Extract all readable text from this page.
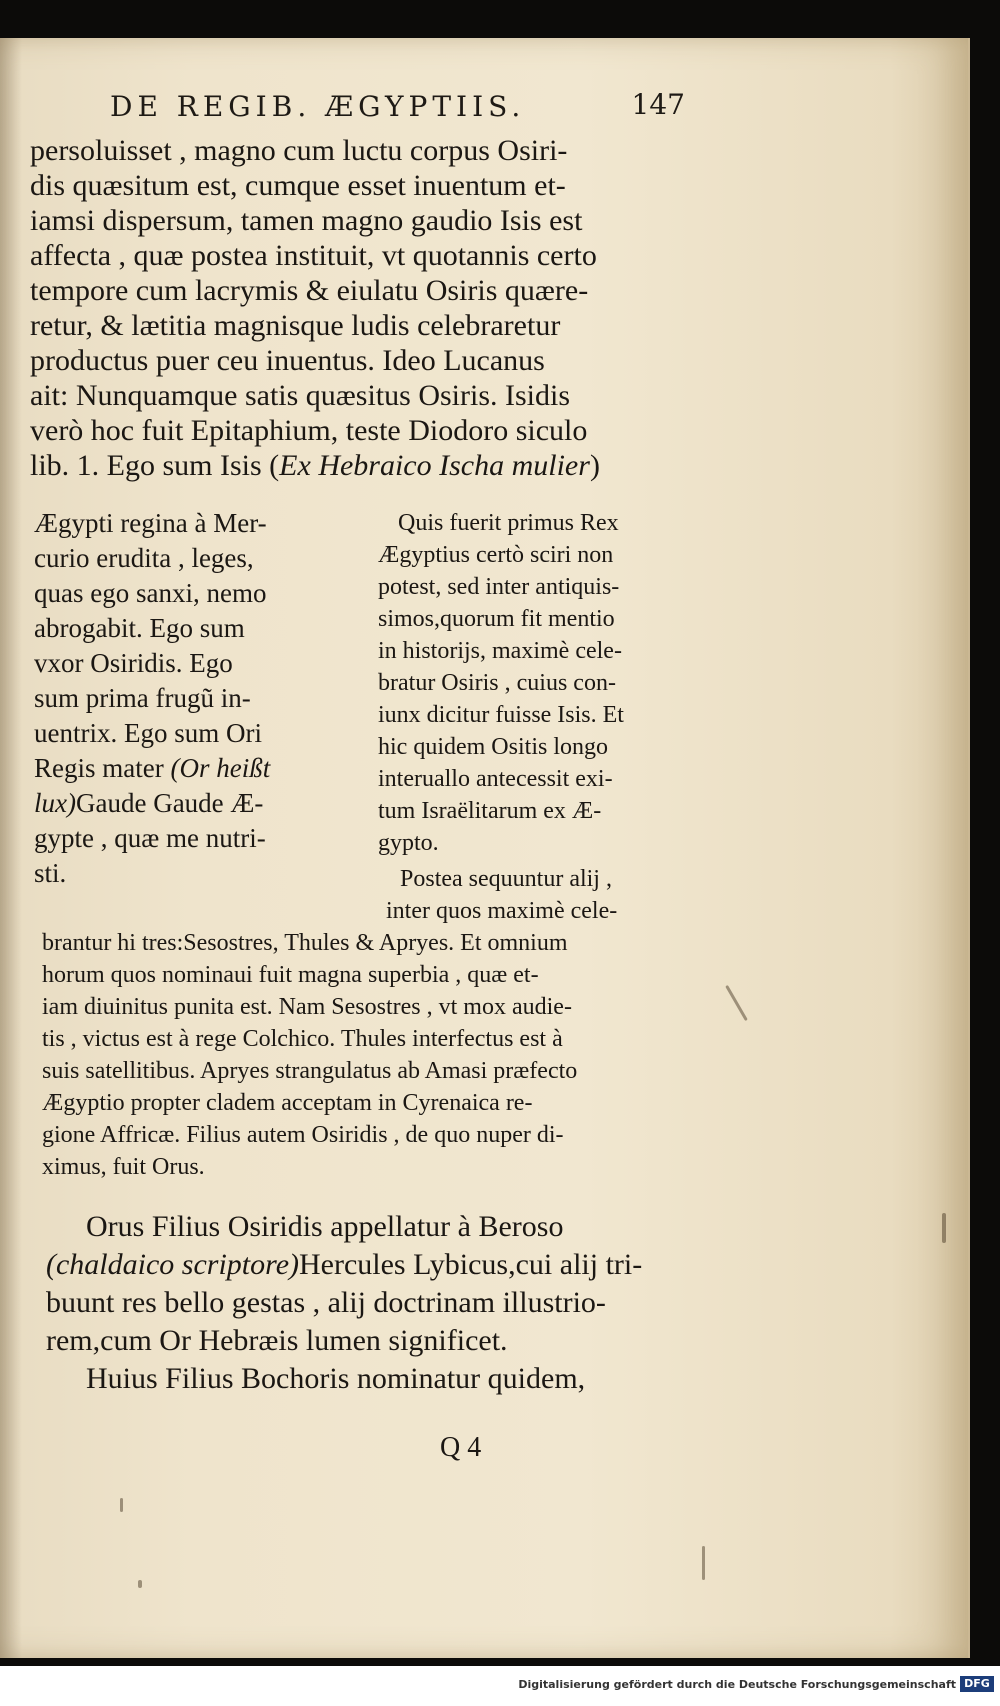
DE REGIB. ÆGYPTIIS.	147
persoluisset , magno cum luctu corpus Osiri-
dis quæsitum est, cumque esset inuentum et-
iamsi dispersum, tamen magno gaudio Isis est
affecta , quæ postea instituit, vt quotannis certo
tempore cum lacrymis & eiulatu Osiris quære-
retur, & lætitia magnisque ludis celebraretur
productus puer ceu inuentus. Ideo Lucanus
ait: Nunquamque satis quæsitus Osiris. Isidis
verò hoc fuit Epitaphium, teste Diodoro siculo
lib. 1. Ego sum Isis (Ex Hebraico Ischa mulier)
Ægypti regina à Mer-
curio erudita , leges,
quas ego sanxi, nemo
abrogabit. Ego sum
vxor Osiridis. Ego
sum prima frugũ in-
uentrix. Ego sum Ori
Regis mater (Or heißt
lux)Gaude Gaude Æ-
gypte , quæ me nutri-
sti.
Quis fuerit primus Rex
Ægyptius certò sciri non
potest, sed inter antiquis-
simos,quorum fit mentio
in historijs, maximè cele-
bratur Osiris , cuius con-
iunx dicitur fuisse Isis. Et
hic quidem Ositis longo
interuallo antecessit exi-
tum Israëlitarum ex Æ-
gypto.
Postea sequuntur alij ,
inter quos maximè cele-
brantur hi tres:Sesostres, Thules & Apryes. Et omnium
horum quos nominaui fuit magna superbia , quæ et-
iam diuinitus punita est. Nam Sesostres , vt mox audie-
tis , victus est à rege Colchico. Thules interfectus est à
suis satellitibus. Apryes strangulatus ab Amasi præfecto
Ægyptio propter cladem acceptam in Cyrenaica re-
gione Affricæ. Filius autem Osiridis , de quo nuper di-
ximus, fuit Orus.
Orus Filius Osiridis appellatur à Beroso
(chaldaico scriptore)Hercules Lybicus,cui alij tri-
buunt res bello gestas , alij doctrinam illustrio-
rem,cum Or Hebræis lumen significet.
Huius Filius Bochoris nominatur quidem,
Q 4
Digitalisierung gefördert durch die Deutsche Forschungsgemeinschaft DFG
